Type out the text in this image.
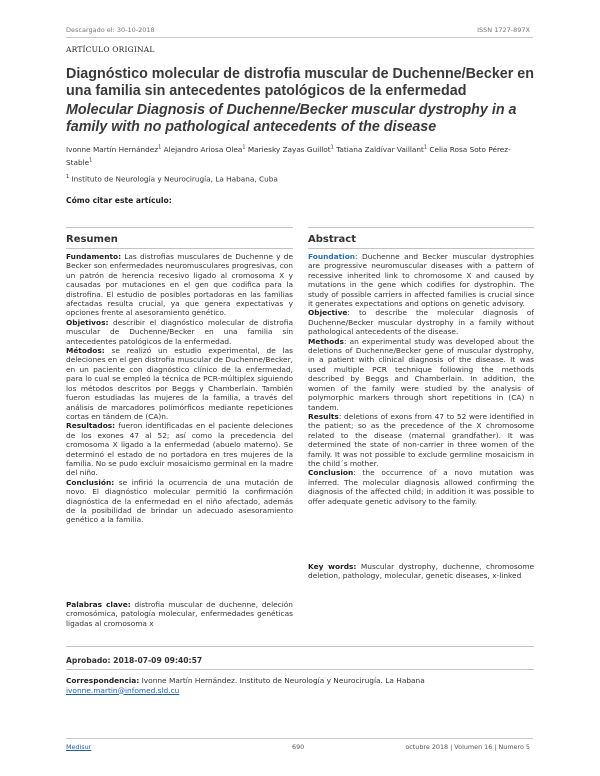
Descargado el: 30-10-2018	ISSN 1727-897X
ARTÍCULO ORIGINAL
Diagnóstico molecular de distrofia muscular de Duchenne/Becker en una familia sin antecedentes patológicos de la enfermedad
Molecular Diagnosis of Duchenne/Becker muscular dystrophy in a family with no pathological antecedents of the disease
Ivonne Martín Hernández$^1$ Alejandro Ariosa Olea$^1$ Mariesky Zayas Guillot$^1$ Tatiana Zaldívar Vaillant$^1$ Celia Rosa Soto Pérez-Stable$^1$
$^1$ Instituto de Neurología y Neurocirugía, La Habana, Cuba
Cómo citar este artículo:
Resumen

Fundamento: Las distrofias musculares de Duchenne y de Becker son enfermedades neuromusculares progresivas, con un patrón de herencia recesivo ligado al cromosoma X y causadas por mutaciones en el gen que codifica para la distrofina. El estudio de posibles portadoras en las familias afectadas resulta crucial, ya que genera expectativas y opciones frente al asesoramiento genético.

Objetivos: describir el diagnóstico molecular de distrofia muscular de Duchenne/Becker en una familia sin antecedentes patológicos de la enfermedad.

Métodos: se realizó un estudio experimental, de las deleciones en el gen distrofia muscular de Duchenne/Becker, en un paciente con diagnóstico clínico de la enfermedad, para lo cual se empleó la técnica de PCR-múltiplex siguiendo los métodos descritos por Beggs y Chamberlain. También fueron estudiadas las mujeres de la familia, a través del análisis de marcadores polimórficos mediante repeticiones cortas en tándem de (CA)n.

Resultados: fueron identificadas en el paciente deleciones de los exones 47 al 52; así como la precedencia del cromosoma X ligado a la enfermedad (abuelo materno). Se determinó el estado de no portadora en tres mujeres de la familia. No se pudo excluir mosaicismo germinal en la madre del niño.

Conclusión: se infirió la ocurrencia de una mutación de novo. El diagnóstico molecular permitió la confirmación diagnóstica de la enfermedad en el niño afectado, además de la posibilidad de brindar un adecuado asesoramiento genético a la familia.

Palabras clave: distrofia muscular de duchenne, deleción cromosómica, patología molecular, enfermedades genéticas ligadas al cromosoma x
Abstract

Foundation: Duchenne and Becker muscular dystrophies are progressive neuromuscular diseases with a pattern of recessive inherited link to chromosome X and caused by mutations in the gene which codifies for dystrophin. The study of possible carriers in affected families is crucial since it generates expectations and options on genetic advisory.

Objective: to describe the molecular diagnosis of Duchenne/Becker muscular dystrophy in a family without pathological antecedents of the disease.

Methods: an experimental study was developed about the deletions of Duchenne/Becker gene of muscular dystrophy, in a patient with clinical diagnosis of the disease. It was used multiple PCR technique following the methods described by Beggs and Chamberlain. In addition, the women of the family were studied by the analysis of polymorphic markers through short repetitions in (CA) n tandem.

Results: deletions of exons from 47 to 52 were identified in the patient; so as the precedence of the X chromosome related to the disease (maternal grandfather). It was determined the state of non-carrier in three women of the family. It was not possible to exclude germline mosaicism in the child´s mother.

Conclusion: the occurrence of a novo mutation was inferred. The molecular diagnosis allowed confirming the diagnosis of the affected child; in addition it was possible to offer adequate genetic advisory to the family.

Key words: Muscular dystrophy, duchenne, chromosome deletion, pathology, molecular, genetic diseases, x-linked
Aprobado: 2018-07-09 09:40:57
Correspondencia: Ivonne Martín Hernández. Instituto de Neurología y Neurocirugía. La Habana
ivonne.martin@infomed.sld.cu
Medisur	690	octubre 2018 | Volumen 16 | Numero 5
